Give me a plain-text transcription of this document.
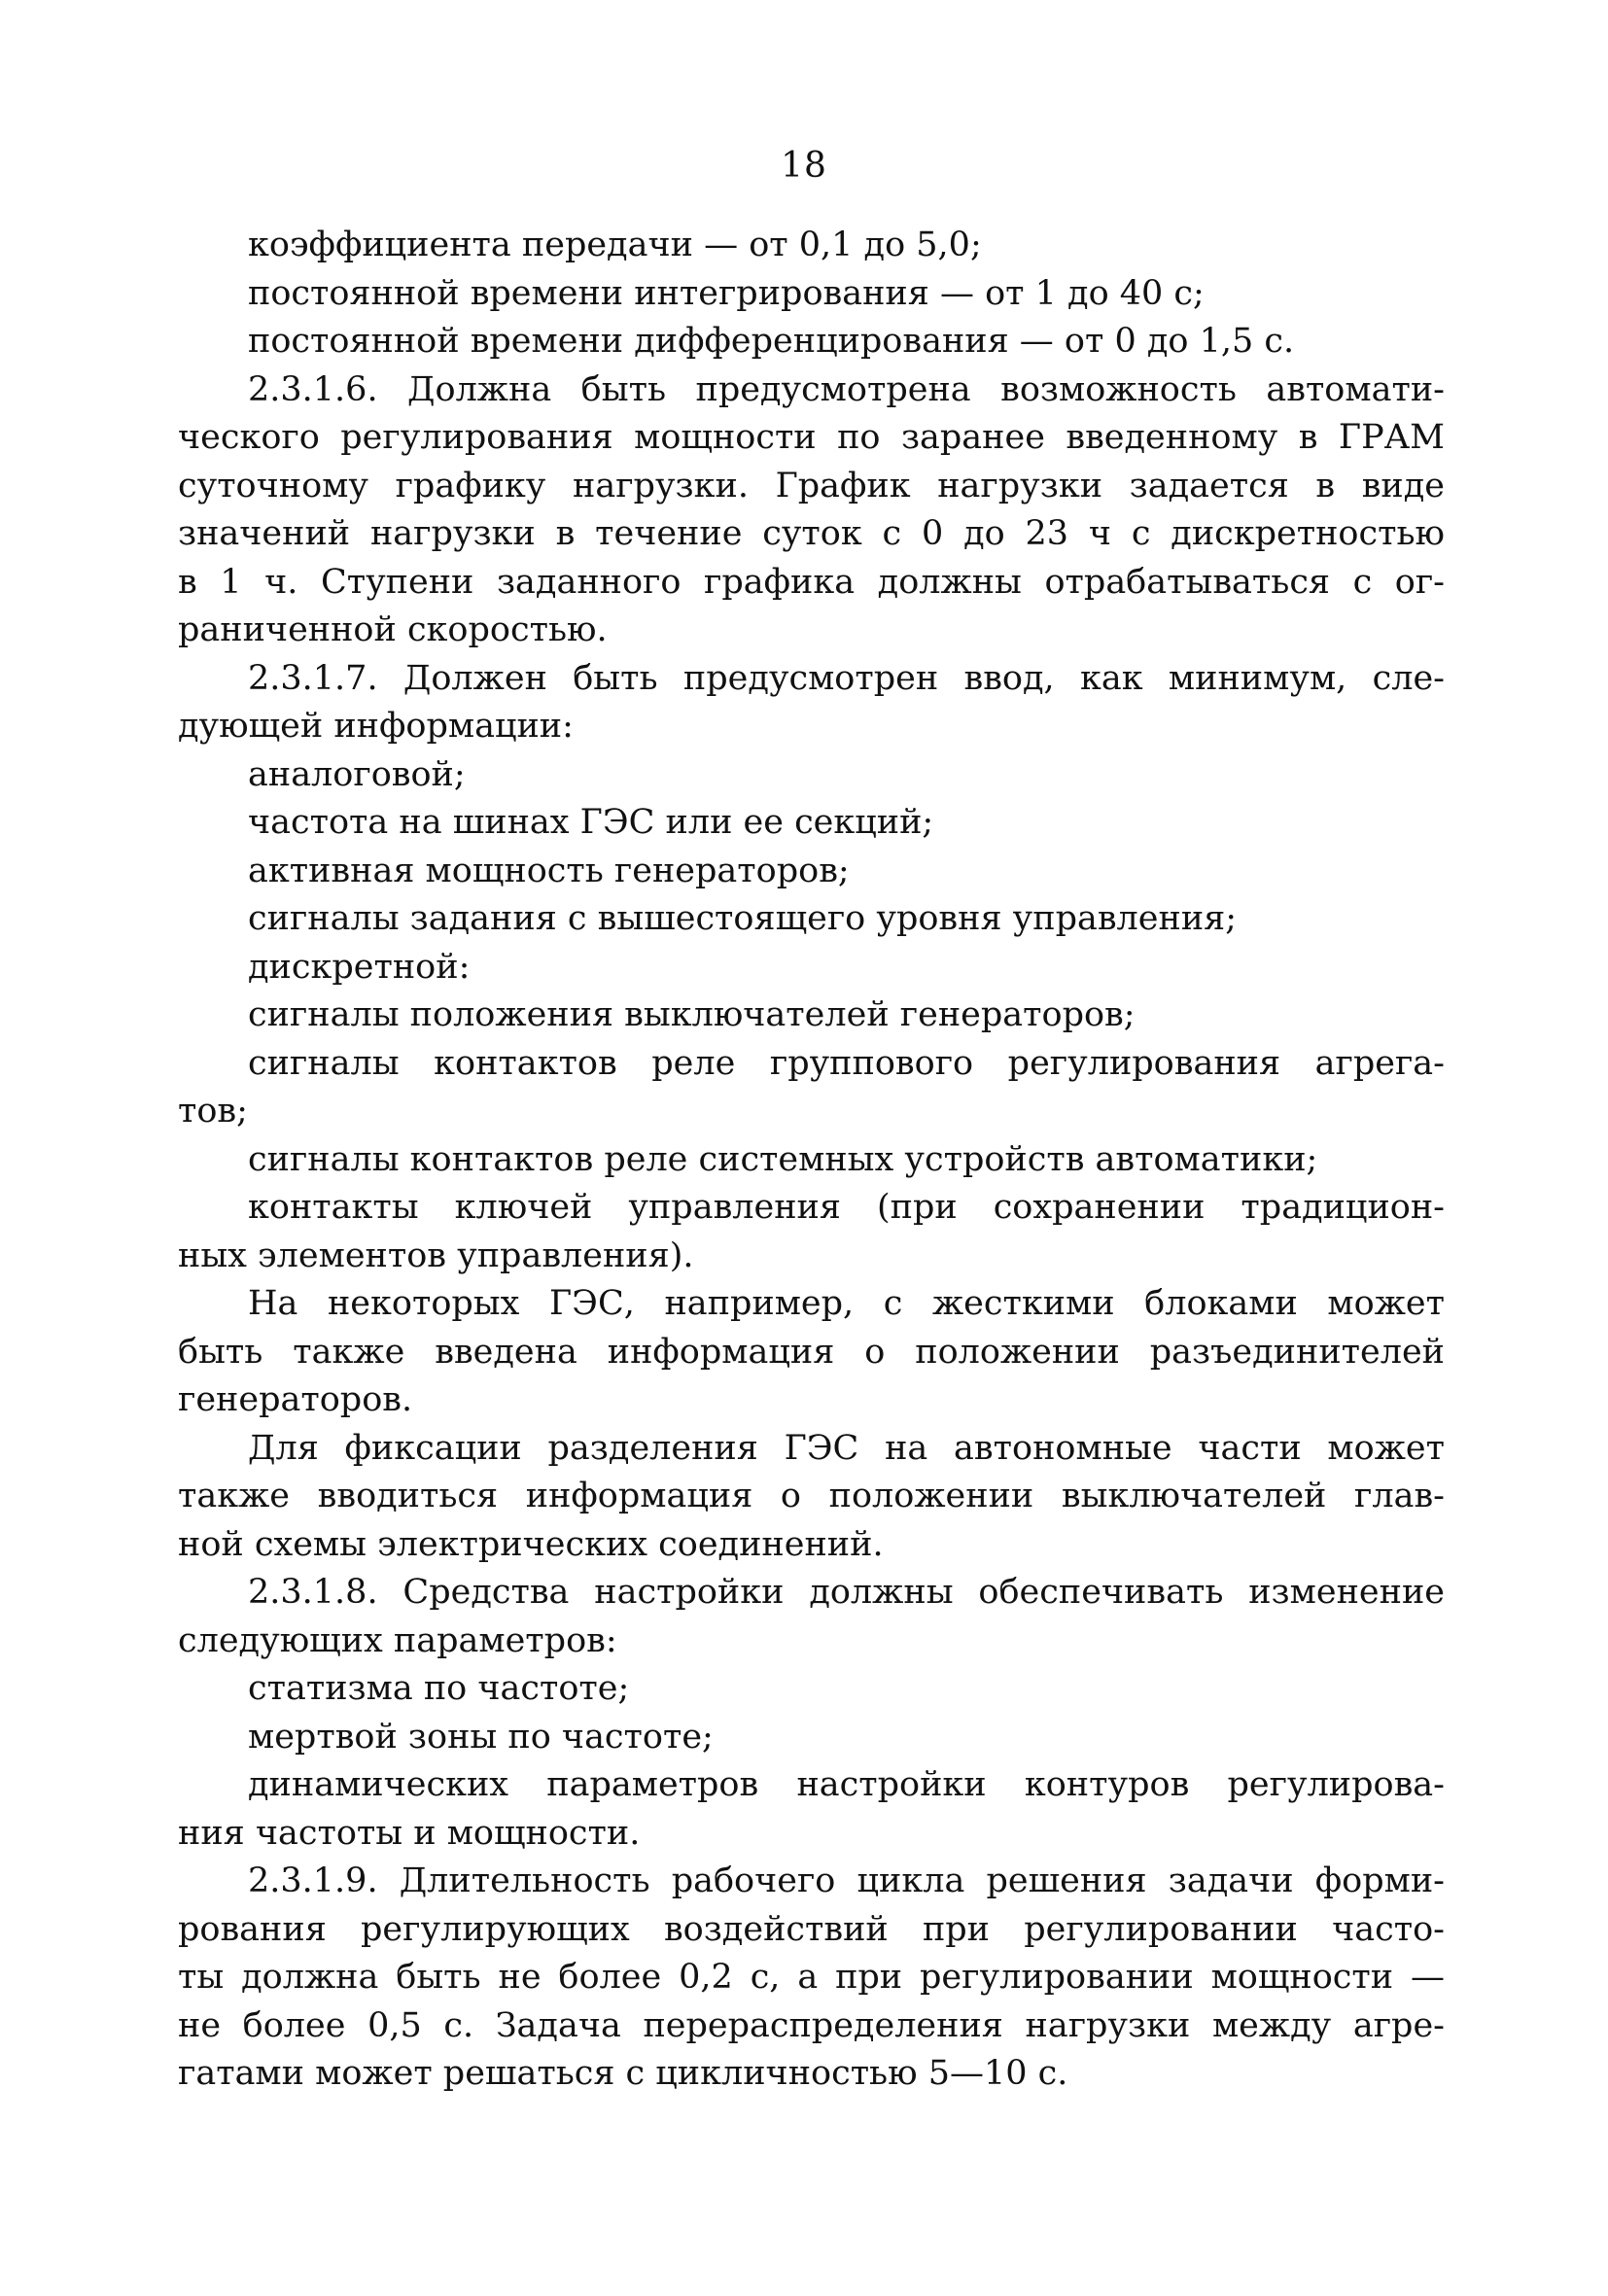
18
коэффициента передачи — от 0,1 до 5,0;
постоянной времени интегрирования — от 1 до 40 с;
постоянной времени дифференцирования — от 0 до 1,5 с.
2.3.1.6. Должна быть предусмотрена возможность автомати-
ческого регулирования мощности по заранее введенному в ГРАМ
суточному графику нагрузки. График нагрузки задается в виде
значений нагрузки в течение суток с 0 до 23 ч с дискретностью
в 1 ч. Ступени заданного графика должны отрабатываться с ог-
раниченной скоростью.
2.3.1.7. Должен быть предусмотрен ввод, как минимум, сле-
дующей информации:
аналоговой;
частота на шинах ГЭС или ее секций;
активная мощность генераторов;
сигналы задания с вышестоящего уровня управления;
дискретной:
сигналы положения выключателей генераторов;
сигналы контактов реле группового регулирования агрега-
тов;
сигналы контактов реле системных устройств автоматики;
контакты ключей управления (при сохранении традицион-
ных элементов управления).
На некоторых ГЭС, например, с жесткими блоками может
быть также введена информация о положении разъединителей
генераторов.
Для фиксации разделения ГЭС на автономные части может
также вводиться информация о положении выключателей глав-
ной схемы электрических соединений.
2.3.1.8. Средства настройки должны обеспечивать изменение
следующих параметров:
статизма по частоте;
мертвой зоны по частоте;
динамических параметров настройки контуров регулирова-
ния частоты и мощности.
2.3.1.9. Длительность рабочего цикла решения задачи форми-
рования регулирующих воздействий при регулировании часто-
ты должна быть не более 0,2 с, а при регулировании мощности —
не более 0,5 с. Задача перераспределения нагрузки между агре-
гатами может решаться с цикличностью 5—10 с.
